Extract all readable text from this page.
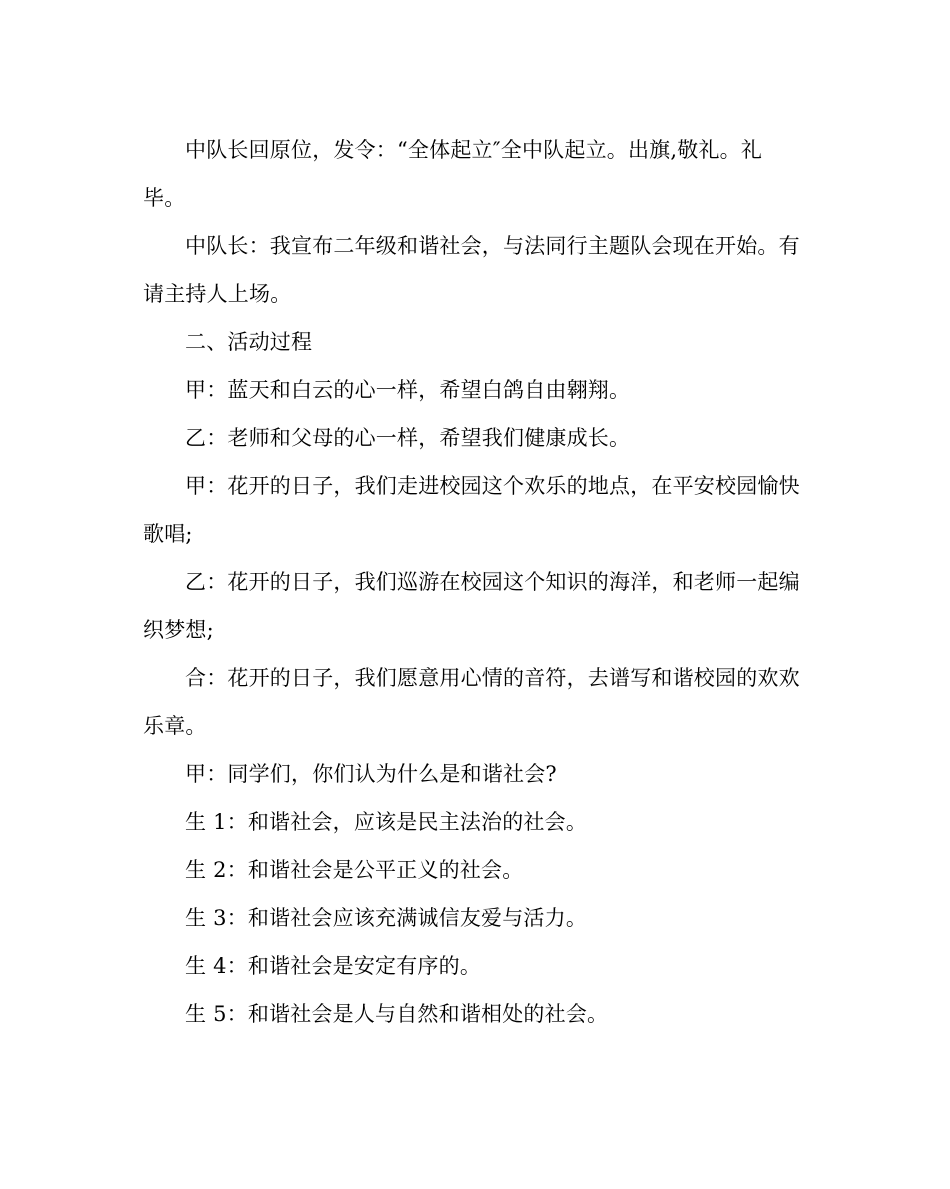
中队长回原位，发令：“全体起立″全中队起立。出旗,敬礼。礼毕。

中队长：我宣布二年级和谐社会，与法同行主题队会现在开始。有请主持人上场。

二、活动过程

甲：蓝天和白云的心一样，希望白鸽自由翱翔。

乙：老师和父母的心一样，希望我们健康成长。

甲：花开的日子，我们走进校园这个欢乐的地点，在平安校园愉快歌唱;

乙：花开的日子，我们巡游在校园这个知识的海洋，和老师一起编织梦想;

合：花开的日子，我们愿意用心情的音符，去谱写和谐校园的欢欢乐章。

甲：同学们，你们认为什么是和谐社会?

生 1：和谐社会，应该是民主法治的社会。

生 2：和谐社会是公平正义的社会。

生 3：和谐社会应该充满诚信友爱与活力。

生 4：和谐社会是安定有序的。

生 5：和谐社会是人与自然和谐相处的社会。
